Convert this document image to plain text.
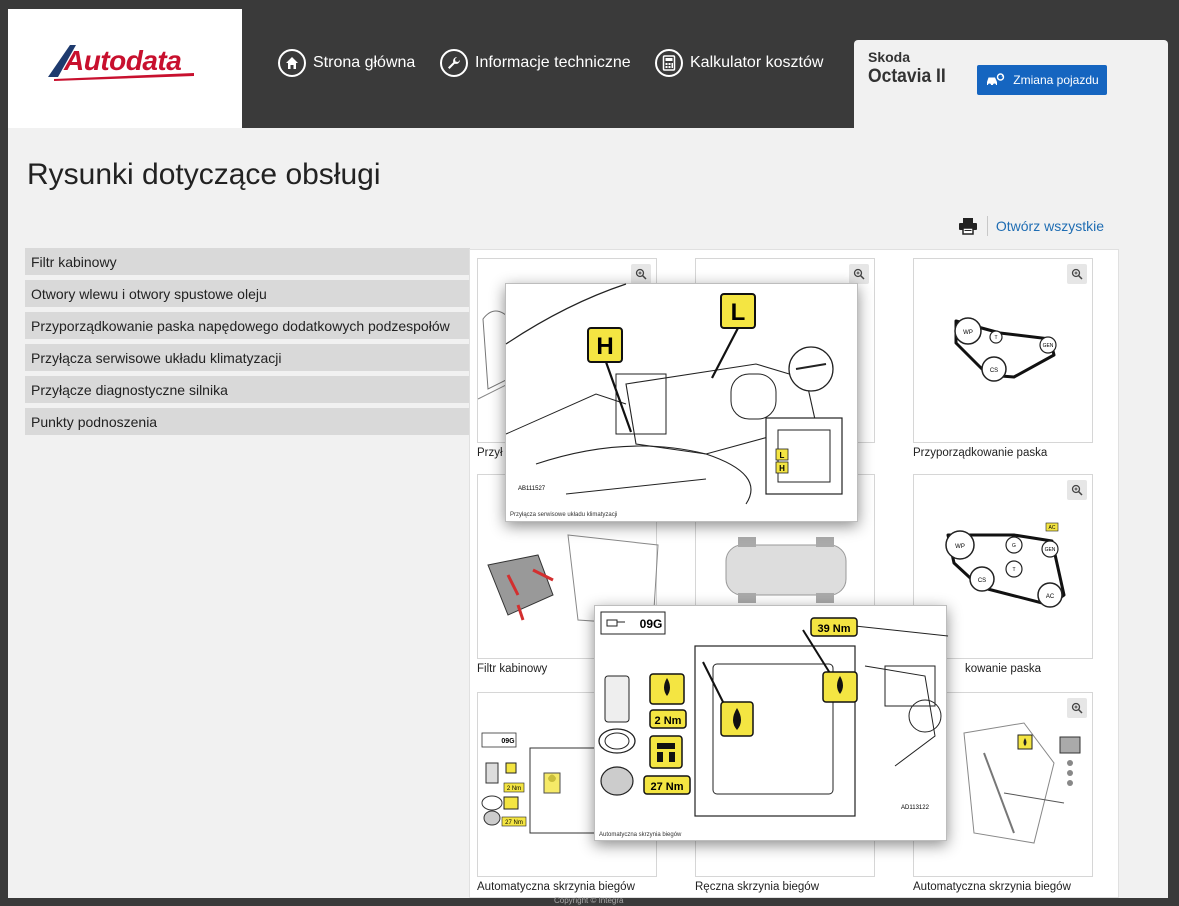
Autodata	Strona główna	Informacje techniczne	Kalkulator kosztów	Skoda
Octavia II	Zmiana pojazdu
Rysunki dotyczące obsługi
Otwórz wszystkie
Filtr kabinowy
Otwory wlewu i otwory spustowe oleju
Przyporządkowanie paska napędowego dodatkowych podzespołów
Przyłącza serwisowe układu klimatyzacji
Przyłącze diagnostyczne silnika
Punkty podnoszenia
Przył
WP
T
GEN
CS
Przyporządkowanie paska
Filtr kabinowy
AC
WP	G
GEN
T
CS
AC
kowanie paska
09G
2 Nm
27 Nm
Automatyczna skrzynia biegów	Ręczna skrzynia biegów	Automatyczna skrzynia biegów
L
H
H
L
AB111527
Przyłącza serwisowe układu klimatyzacji
09G
2 Nm
27 Nm
39 Nm
AD113122
Automatyczna skrzynia biegów
Copyright © Integra
